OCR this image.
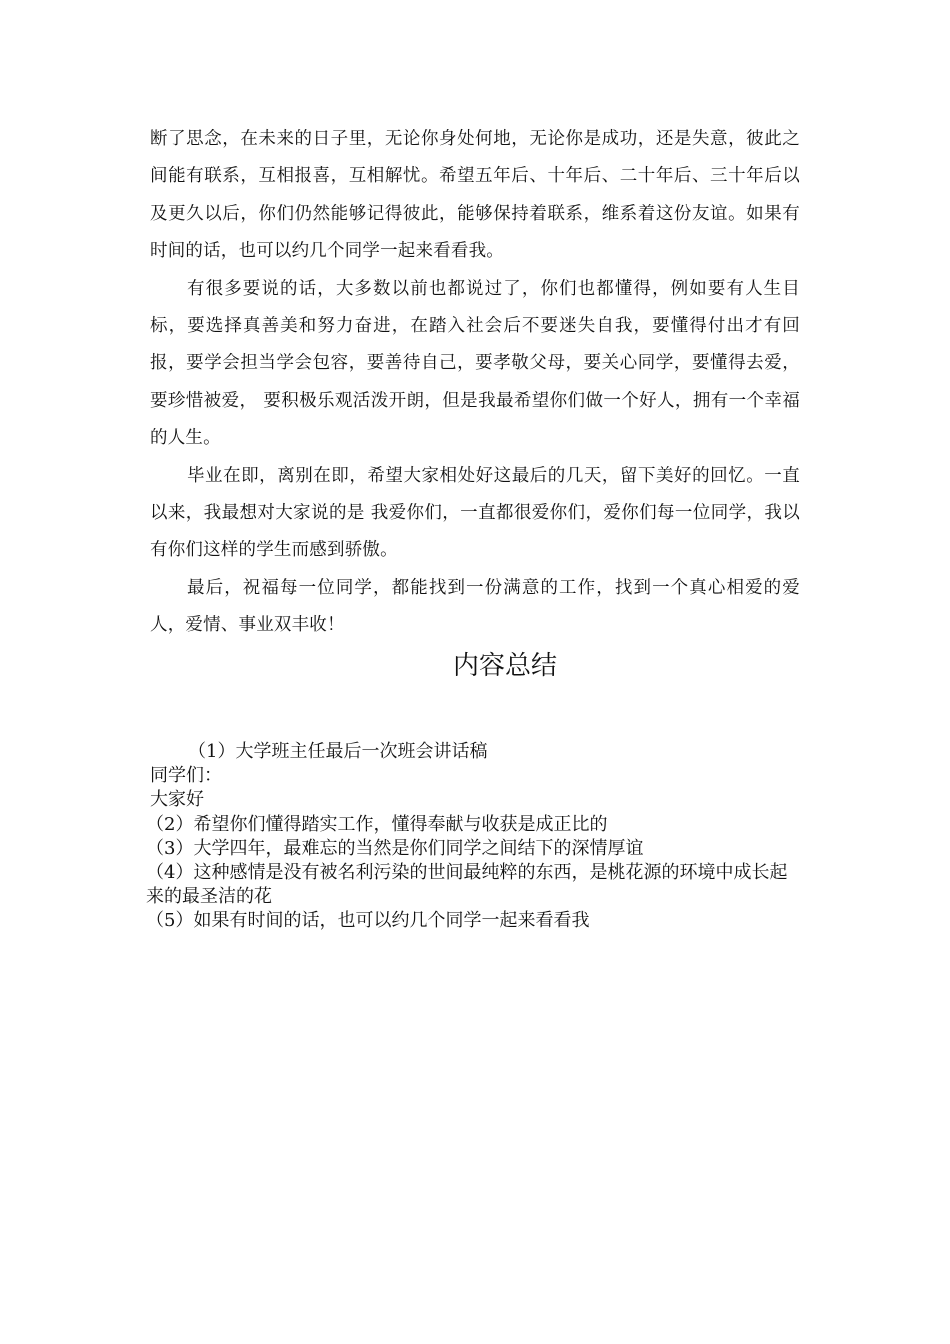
断了思念，在未来的日子里，无论你身处何地，无论你是成功，还是失意，彼此之间能有联系，互相报喜，互相解忧。希望五年后、十年后、二十年后、三十年后以及更久以后，你们仍然能够记得彼此，能够保持着联系，维系着这份友谊。如果有时间的话，也可以约几个同学一起来看看我。

有很多要说的话，大多数以前也都说过了，你们也都懂得，例如要有人生目标，要选择真善美和努力奋进，在踏入社会后不要迷失自我，要懂得付出才有回报，要学会担当学会包容，要善待自己，要孝敬父母，要关心同学，要懂得去爱，要珍惜被爱， 要积极乐观活泼开朗，但是我最希望你们做一个好人，拥有一个幸福的人生。

毕业在即，离别在即，希望大家相处好这最后的几天，留下美好的回忆。一直以来，我最想对大家说的是 我爱你们，一直都很爱你们，爱你们每一位同学，我以有你们这样的学生而感到骄傲。

最后，祝福每一位同学，都能找到一份满意的工作，找到一个真心相爱的爱人，爱情、事业双丰收！

内容总结
（1）大学班主任最后一次班会讲话稿
同学们：
大家好
（2）希望你们懂得踏实工作，懂得奉献与收获是成正比的
（3）大学四年，最难忘的当然是你们同学之间结下的深情厚谊
（4）这种感情是没有被名利污染的世间最纯粹的东西，是桃花源的环境中成长起来的最圣洁的花
（5）如果有时间的话，也可以约几个同学一起来看看我
